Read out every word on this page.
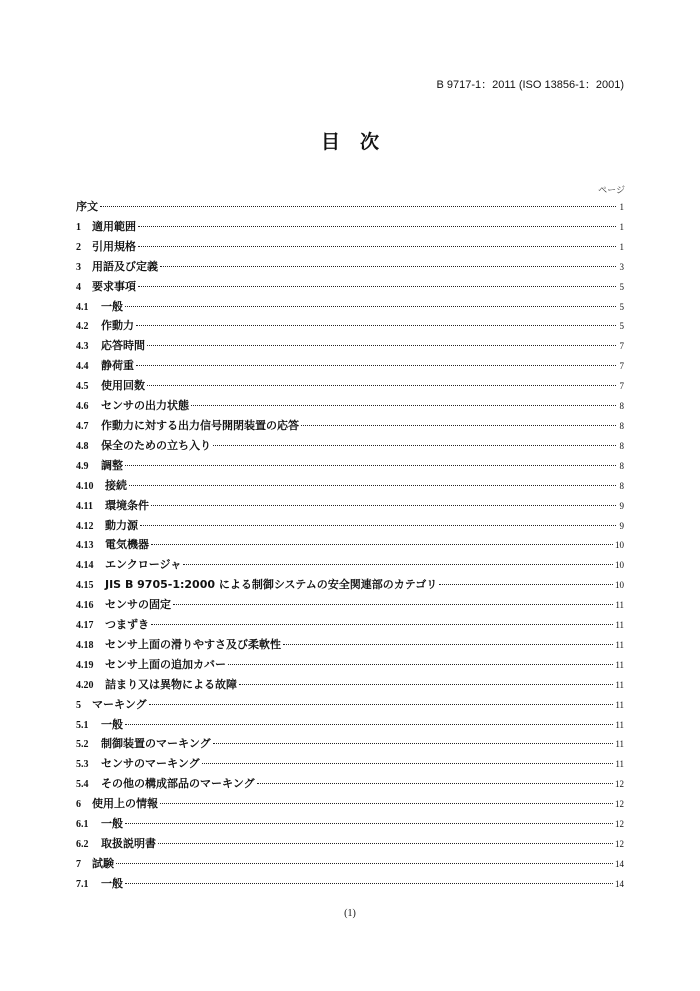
B 9717-1：2011 (ISO 13856-1：2001)
目次
ページ
序文	1
1	適用範囲	1
2	引用規格	1
3	用語及び定義	3
4	要求事項	5
4.1	一般	5
4.2	作動力	5
4.3	応答時間	7
4.4	静荷重	7
4.5	使用回数	7
4.6	センサの出力状態	8
4.7	作動力に対する出力信号開閉装置の応答	8
4.8	保全のための立ち入り	8
4.9	調整	8
4.10	接続	8
4.11	環境条件	9
4.12	動力源	9
4.13	電気機器	10
4.14	エンクロージャ	10
4.15	JIS B 9705-1:2000 による制御システムの安全関連部のカテゴリ	10
4.16	センサの固定	11
4.17	つまずき	11
4.18	センサ上面の滑りやすさ及び柔軟性	11
4.19	センサ上面の追加カバー	11
4.20	詰まり又は異物による故障	11
5	マーキング	11
5.1	一般	11
5.2	制御装置のマーキング	11
5.3	センサのマーキング	11
5.4	その他の構成部品のマーキング	12
6	使用上の情報	12
6.1	一般	12
6.2	取扱説明書	12
7	試験	14
7.1	一般	14
(1)
